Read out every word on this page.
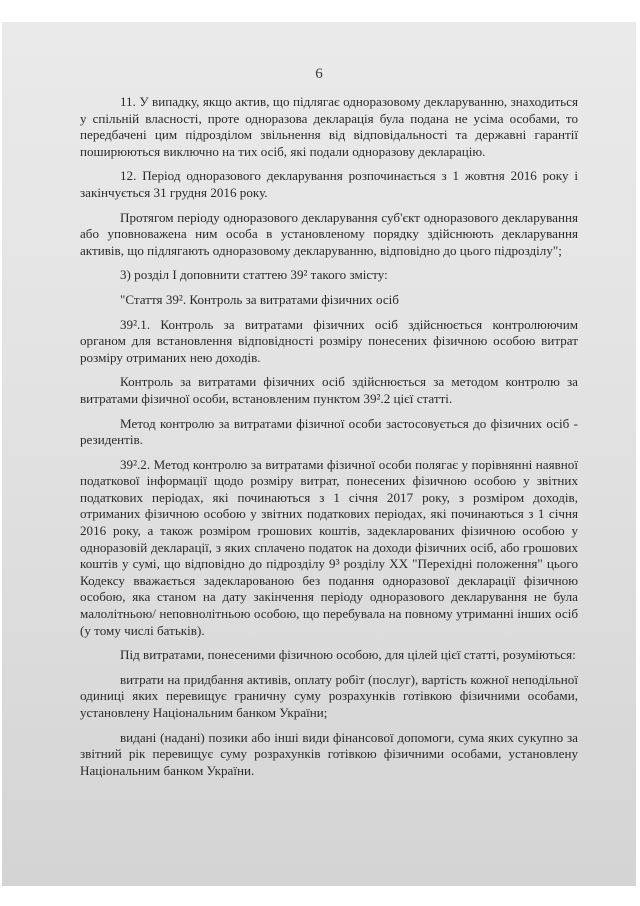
6

11. У випадку, якщо актив, що підлягає одноразовому декларуванню, знаходиться у спільній власності, проте одноразова декларація була подана не усіма особами, то передбачені цим підрозділом звільнення від відповідальності та державні гарантії поширюються виключно на тих осіб, які подали одноразову декларацію.

12. Період одноразового декларування розпочинається з 1 жовтня 2016 року і закінчується 31 грудня 2016 року.

Протягом періоду одноразового декларування суб'єкт одноразового декларування або уповноважена ним особа в установленому порядку здійснюють декларування активів, що підлягають одноразовому декларуванню, відповідно до цього підрозділу";

3) розділ І доповнити статтею 39² такого змісту:

"Стаття 39². Контроль за витратами фізичних осіб

39².1. Контроль за витратами фізичних осіб здійснюється контролюючим органом для встановлення відповідності розміру понесених фізичною особою витрат розміру отриманих нею доходів.

Контроль за витратами фізичних осіб здійснюється за методом контролю за витратами фізичної особи, встановленим пунктом 39².2 цієї статті.

Метод контролю за витратами фізичної особи застосовується до фізичних осіб - резидентів.

39².2. Метод контролю за витратами фізичної особи полягає у порівнянні наявної податкової інформації щодо розміру витрат, понесених фізичною особою у звітних податкових періодах, які починаються з 1 січня 2017 року, з розміром доходів, отриманих фізичною особою у звітних податкових періодах, які починаються з 1 січня 2016 року, а також розміром грошових коштів, задекларованих фізичною особою у одноразовій декларації, з яких сплачено податок на доходи фізичних осіб, або грошових коштів у сумі, що відповідно до підрозділу 9³ розділу XX "Перехідні положення" цього Кодексу вважається задекларованою без подання одноразової декларації фізичною особою, яка станом на дату закінчення періоду одноразового декларування не була малолітньою/ неповнолітньою особою, що перебувала на повному утриманні інших осіб (у тому числі батьків).

Під витратами, понесеними фізичною особою, для цілей цієї статті, розуміються:

витрати на придбання активів, оплату робіт (послуг), вартість кожної неподільної одиниці яких перевищує граничну суму розрахунків готівкою фізичними особами, установлену Національним банком України;

видані (надані) позики або інші види фінансової допомоги, сума яких сукупно за звітний рік перевищує суму розрахунків готівкою фізичними особами, установлену Національним банком України.
